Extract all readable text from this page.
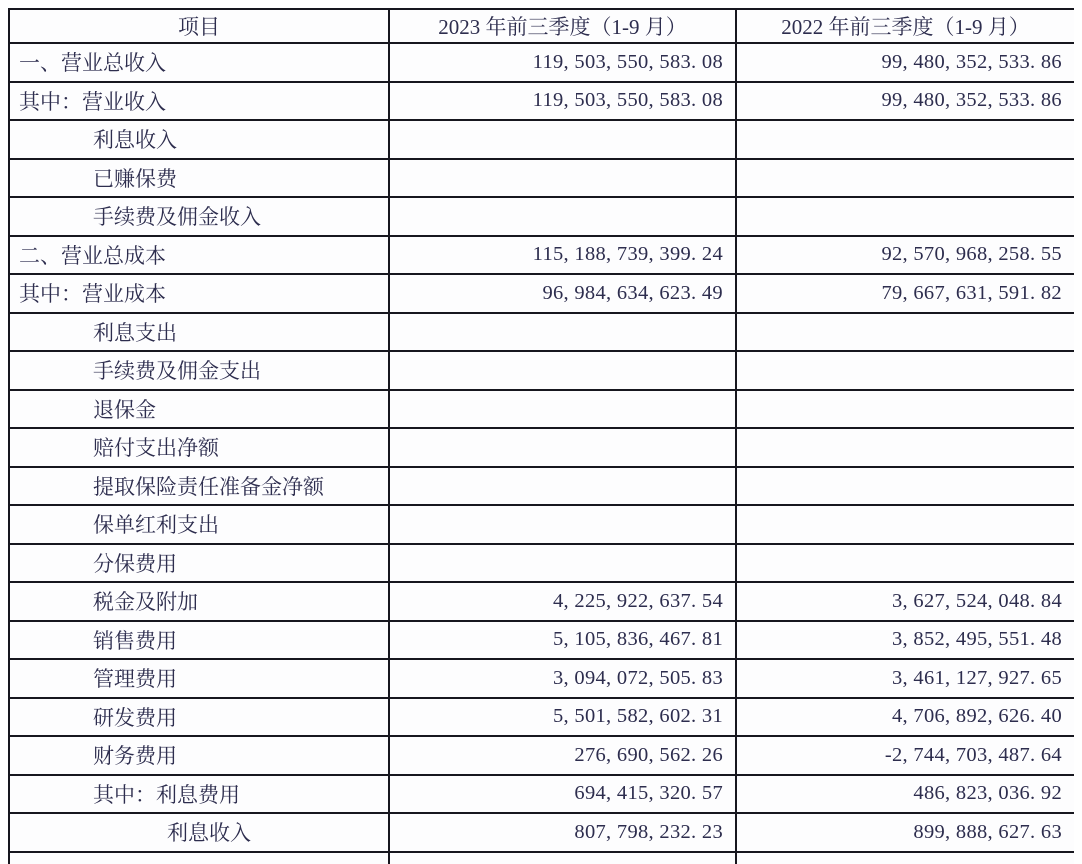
项目	2023 年前三季度（1-9 月）	2022 年前三季度（1-9 月）
一、营业总收入	119, 503, 550, 583. 08	99, 480, 352, 533. 86
其中：营业收入	119, 503, 550, 583. 08	99, 480, 352, 533. 86
利息收入		
已赚保费		
手续费及佣金收入		
二、营业总成本	115, 188, 739, 399. 24	92, 570, 968, 258. 55
其中：营业成本	96, 984, 634, 623. 49	79, 667, 631, 591. 82
利息支出		
手续费及佣金支出		
退保金		
赔付支出净额		
提取保险责任准备金净额		
保单红利支出		
分保费用		
税金及附加	4, 225, 922, 637. 54	3, 627, 524, 048. 84
销售费用	5, 105, 836, 467. 81	3, 852, 495, 551. 48
管理费用	3, 094, 072, 505. 83	3, 461, 127, 927. 65
研发费用	5, 501, 582, 602. 31	4, 706, 892, 626. 40
财务费用	276, 690, 562. 26	-2, 744, 703, 487. 64
其中：利息费用	694, 415, 320. 57	486, 823, 036. 92
利息收入	807, 798, 232. 23	899, 888, 627. 63
